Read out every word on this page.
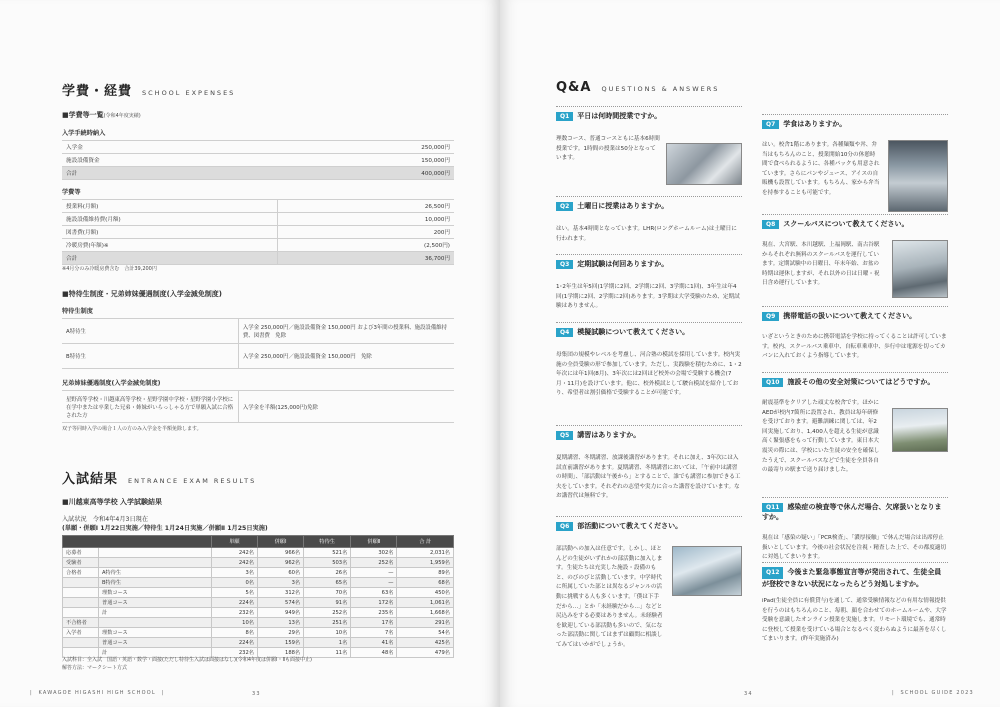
学費・経費 SCHOOL EXPENSES
■学費等一覧(令和4年度実績)
入学手続時納入
入学金	250,000円
施設設備資金	150,000円
合計	400,000円
学費等
授業料(月額)	26,500円
施設設備維持費(月額)	10,000円
図書費(月額)	200円
冷暖房費(年額)※	(2,500円)
合計	36,700円
※4月分のみ冷暖房費含む　合計39,200円
■特待生制度・兄弟姉妹優遇制度(入学金減免制度)
特待生制度
A特待生	入学金 250,000円／施設設備資金 150,000円 および3年間の授業料、施設設備維持費、図書費　免除
B特待生	入学金 250,000円／施設設備資金 150,000円　免除
兄弟姉妹優遇制度(入学金減免制度)
星野高等学校・川越東高等学校・星野学園中学校・星野学園小学校に在学中または卒業した兄弟・姉妹がいらっしゃる方で単願入試に合格された方	入学金を半額(125,000円)免除
双子等同時入学の場合１人の方のみ入学金を半額免除します。
入試結果 ENTRANCE EXAM RESULTS
■川越東高等学校 入学試験結果
入試状況　令和4年4月3日現在
(単願・併願Ⅰ 1月22日実施／特待生 1月24日実施／併願Ⅱ 1月25日実施)
		単願	併願Ⅰ	特待生	併願Ⅱ	合 計
応募者		242名	966名	521名	302名	2,031名
受験者		242名	962名	503名	252名	1,959名
合格者	A特待生	3名	60名	26名	—	89名
	B特待生	0名	3名	65名	—	68名
	理数コース	5名	312名	70名	63名	450名
	普通コース	224名	574名	91名	172名	1,061名
	計	232名	949名	252名	235名	1,668名
不合格者		10名	13名	251名	17名	291名
入学者	理数コース	8名	29名	10名	7名	54名
	普通コース	224名	159名	1名	41名	425名
	計	232名	188名	11名	48名	479名
入試科目：全入試　国語・英語・数学・面接(ただし特待生入試は面接はなし)(令和4年度は併願Ⅰ・Ⅱも面接中止)
解答方法：マークシート方式
|  KAWAGOE HIGASHI HIGH SCHOOL  |	33
Q&A QUESTIONS & ANSWERS
Q1 平日は何時間授業ですか。
理数コース、普通コースともに基本6時間授業です。1時間の授業は50分となっています。
Q2 土曜日に授業はありますか。
はい。基本4時間となっています。LHR(ロングホームルーム)は土曜日に行われます。
Q3 定期試験は何回ありますか。
1･2年生は年5回(1学期に2回、2学期に2回、3学期に1回)、3年生は年4回(1学期に2回、2学期に2回)あります。3学期は大学受験のため、定期試験はありません。
Q4 模擬試験について教えてください。
母集団の規模やレベルを考慮し、河合塾の模試を採用しています。校内実施の全員受験の形で参加しています。ただし、実践験を積むために、1・2年次には年1回(8月)、3年次には2回ほど校外の会場で受験する機会(7月・11月)を設けています。他に、校外模試として駿台模試を紹介しており、希望者は割引価格で受験することが可能です。
Q5 講習はありますか。
夏期講習、冬期講習、放課後講習があります。それに加え、3年次には入試直前講習があります。夏期講習、冬期講習においては、「午前中は講習の時間」、「部活動は午後から」とすることで、誰でも講習に参加できる工夫をしています。それぞれの志望や実力に合った講習を設けています。なお講習代は無料です。
Q6 部活動について教えてください。
部活動への加入は任意です。しかし、ほとんどの生徒がいずれかの部活動に加入します。生徒たちは充実した施設・設備のもと、のびのびと活動しています。中学時代に所属していた部とは異なるジャンルの活動に挑戦する人も多くいます。「僕は下手だから…」とか「未経験だから…」などと尻込みをする必要はありません。未経験者を歓迎している部活動も多いので、気になった部活動に関してはまずは顧問に相談してみてはいかがでしょうか。
Q7 学食はありますか。
はい。校舎1階にあります。各種麺類や丼、弁当はもちろんのこと、授業開始10分の休憩時間で食べられるように、各種パックも用意されています。さらにパンやジュース、アイスの自販機も設置しています。もちろん、家から弁当を持参することも可能です。
Q8 スクールバスについて教えてください。
現在、大宮駅、本川越駅、上福岡駅、南古谷駅からそれぞれ無料のスクールバスを運行しています。定期試験中の日曜日、年末年始、お盆の時期は運休しますが、それ以外の日は日曜・祝日含め運行しています。
Q9 携帯電話の扱いについて教えてください。
いざというときのために携帯電話を学校に持ってくることは許可しています。校内、スクールバス乗車中、自転車乗車中、歩行中は電源を切ってカバンに入れておくよう指導しています。
Q10 施設その他の安全対策についてはどうですか。
耐震基準をクリアした頑丈な校舎です。ほかにAEDが校内7箇所に設置され、教員は毎年研修を受けております。避難訓練に関しては、年2回実施しており、1,400人を超える生徒が意識高く緊張感をもって行動しています。東日本大震災の際には、学校にいた生徒の安全を確保したうえで、スクールバスなどで生徒を全員各自の最寄りの駅まで送り届けました。
Q11 感染症の検査等で休んだ場合、欠席扱いとなりますか。
現在は「感染の疑い」「PCR検査」、「濃厚接触」で休んだ場合は出席停止扱いとしています。今後の社会状況を注視・精査した上で、その都度適切に対処してまいります。
Q12 今後また緊急事態宣言等が発出されて、生徒全員が登校できない状況になったらどう対処しますか。
iPad(生徒全員に有償貸与)を通して、通常受験情報などの有用な情報提供を行うのはもちろんのこと、毎朝、顔を合わせてのホームルームや、大学受験を意識したオンライン授業を実施します。リモート環境でも、通常時に登校して授業を受けている場合となるべく変わらぬように最善を尽くしてまいります。(昨年実施済み)
34	|  SCHOOL GUIDE 2023
